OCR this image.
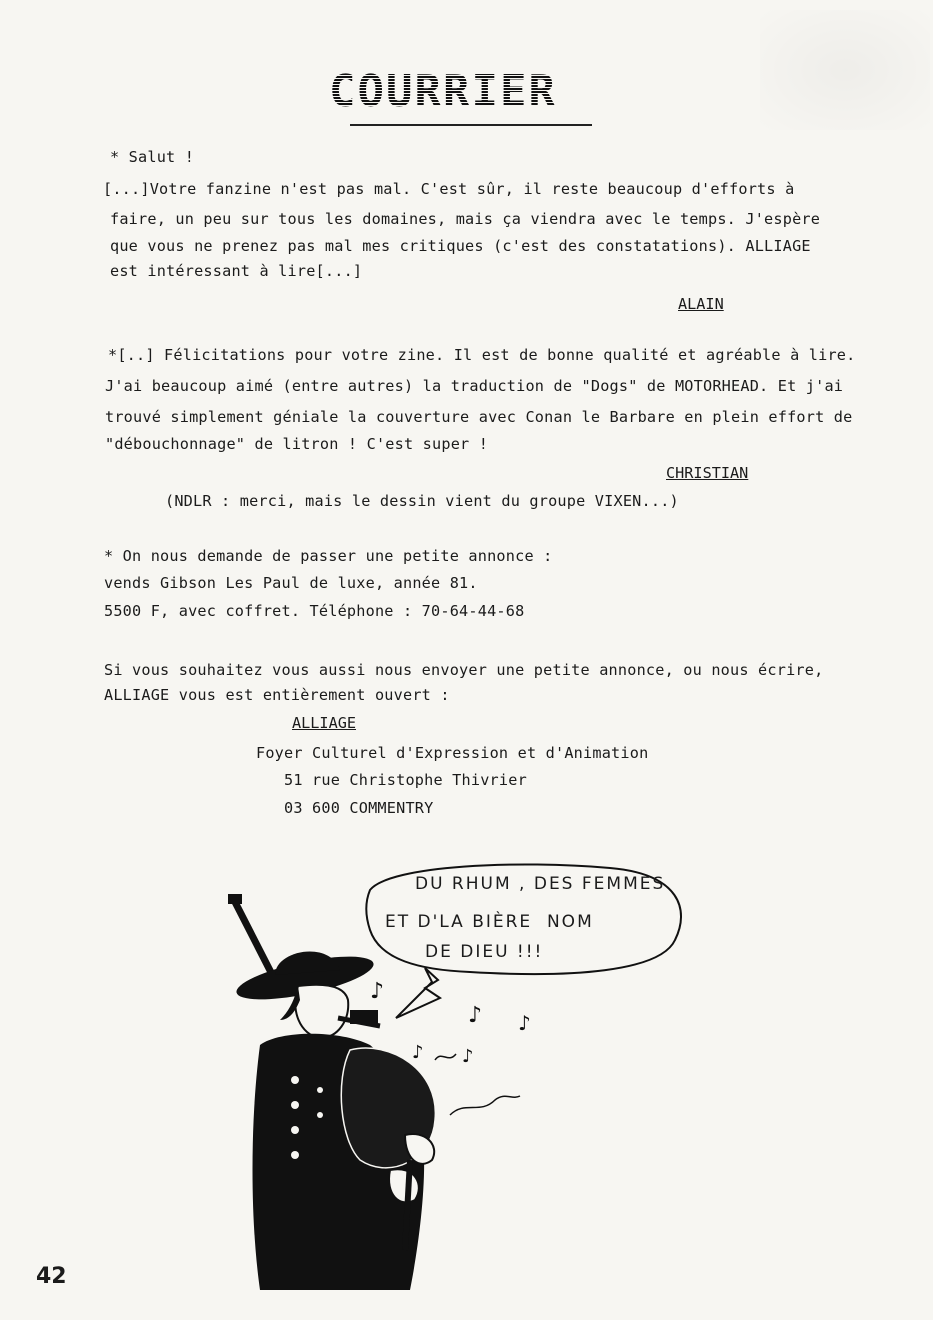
COURRIER
* Salut !
[...]Votre fanzine n'est pas mal. C'est sûr, il reste beaucoup d'efforts à
faire, un peu sur tous les domaines, mais ça viendra avec le temps. J'espère
que vous ne prenez pas mal mes critiques (c'est des constatations). ALLIAGE
est intéressant à lire[...]
ALAIN
*[..] Félicitations pour votre zine. Il est de bonne qualité et agréable à lire.
J'ai beaucoup aimé (entre autres) la traduction de "Dogs" de MOTORHEAD. Et j'ai
trouvé simplement géniale la couverture avec Conan le Barbare en plein effort de
"débouchonnage" de litron ! C'est super !
CHRISTIAN
(NDLR : merci, mais le dessin vient du groupe VIXEN...)
* On nous demande de passer une petite annonce :
vends Gibson Les Paul de luxe, année 81.
5500 F, avec coffret. Téléphone : 70-64-44-68
Si vous souhaitez vous aussi nous envoyer une petite annonce, ou nous écrire,
ALLIAGE vous est entièrement ouvert :
ALLIAGE
Foyer Culturel d'Expression et d'Animation
51 rue Christophe Thivrier
03 600 COMMENTRY
♪
♪ ♪
♪ ♪
DU RHUM , DES FEMMES
ET D'LA BIÈRE  NOM
DE DIEU !!!
42
